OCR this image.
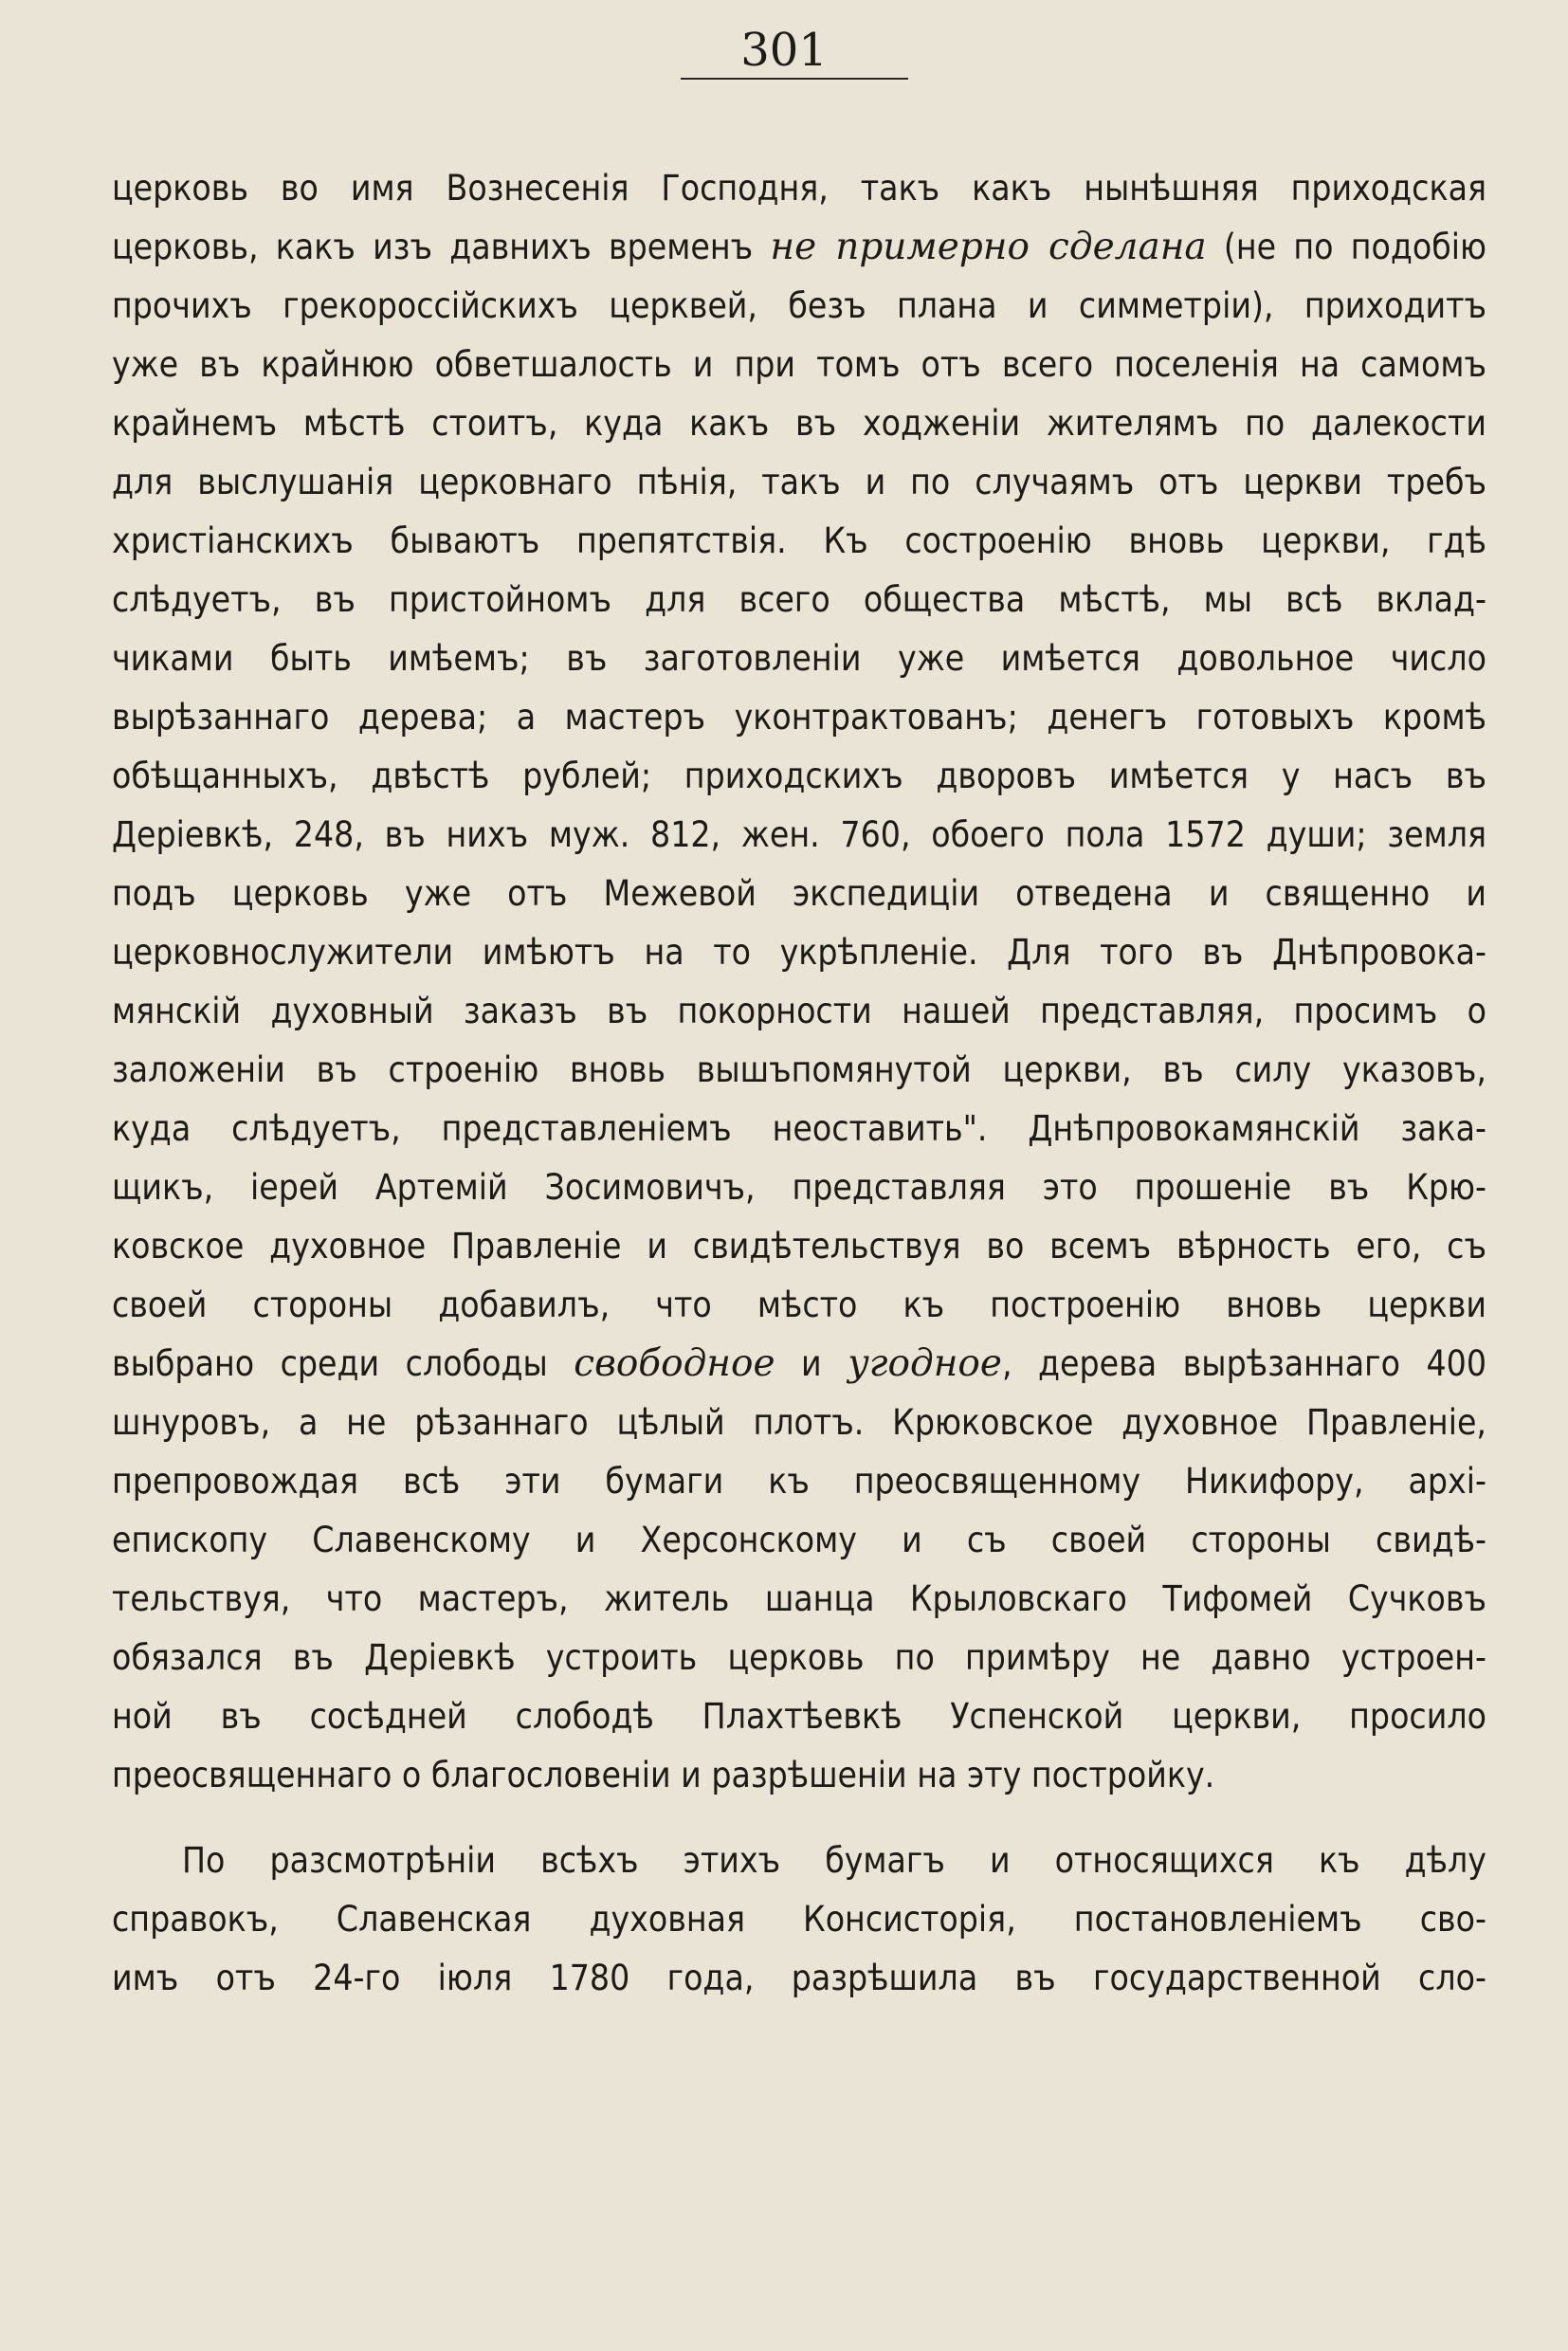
301
церковь во имя Вознесенія Господня, такъ какъ нынѣшняя приходская
церковь, какъ изъ давнихъ временъ не примерно сделана (не по подобію
прочихъ грекороссійскихъ церквей, безъ плана и симметріи), приходитъ
уже въ крайнюю обветшалость и при томъ отъ всего поселенія на самомъ
крайнемъ мѣстѣ стоитъ, куда какъ въ ходженіи жителямъ по далекости
для выслушанія церковнаго пѣнія, такъ и по случаямъ отъ церкви требъ
христіанскихъ бываютъ препятствія. Къ состроенію вновь церкви, гдѣ
слѣдуетъ, въ пристойномъ для всего общества мѣстѣ, мы всѣ вклад-
чиками быть имѣемъ; въ заготовленіи уже имѣется довольное число
вырѣзаннаго дерева; а мастеръ уконтрактованъ; денегъ готовыхъ кромѣ
обѣщанныхъ, двѣстѣ рублей; приходскихъ дворовъ имѣется у насъ въ
Деріевкѣ, 248, въ нихъ муж. 812, жен. 760, обоего пола 1572 души; земля
подъ церковь уже отъ Межевой экспедиціи отведена и священно и
церковнослужители имѣютъ на то укрѣпленіе. Для того въ Днѣпровока-
мянскій духовный заказъ въ покорности нашей представляя, просимъ о
заложеніи въ строенію вновь вышъпомянутой церкви, въ силу указовъ,
куда слѣдуетъ, представленіемъ неоставить". Днѣпровокамянскій зака-
щикъ, іерей Артемій Зосимовичъ, представляя это прошеніе въ Крю-
ковское духовное Правленіе и свидѣтельствуя во всемъ вѣрность его, съ
своей стороны добавилъ, что мѣсто къ построенію вновь церкви
выбрано среди слободы свободное и угодное, дерева вырѣзаннаго 400
шнуровъ, а не рѣзаннаго цѣлый плотъ. Крюковское духовное Правленіе,
препровождая всѣ эти бумаги къ преосвященному Никифору, архі-
епископу Славенскому и Херсонскому и съ своей стороны свидѣ-
тельствуя, что мастеръ, житель шанца Крыловскаго Тифомей Сучковъ
обязался въ Деріевкѣ устроить церковь по примѣру не давно устроен-
ной въ сосѣдней слободѣ Плахтѣевкѣ Успенской церкви, просило
преосвященнаго о благословеніи и разрѣшеніи на эту постройку.
По разсмотрѣніи всѣхъ этихъ бумагъ и относящихся къ дѣлу
справокъ, Славенская духовная Консисторія, постановленіемъ сво-
имъ отъ 24-го іюля 1780 года, разрѣшила въ государственной сло-
